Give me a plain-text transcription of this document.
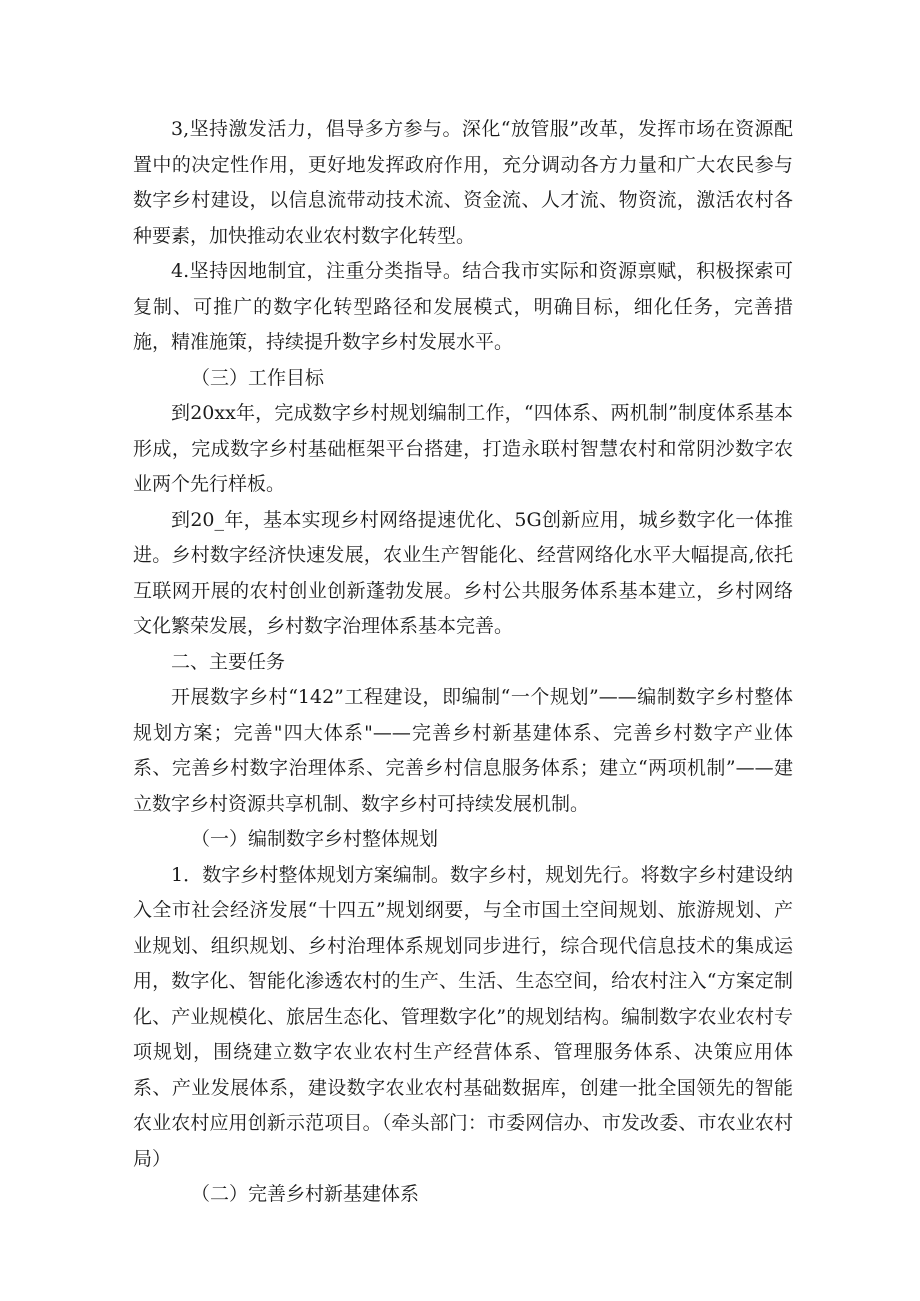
3,坚持激发活力，倡导多方参与。深化“放管服”改革，发挥市场在资源配置中的决定性作用，更好地发挥政府作用，充分调动各方力量和广大农民参与数字乡村建设，以信息流带动技术流、资金流、人才流、物资流，激活农村各种要素，加快推动农业农村数字化转型。

4.坚持因地制宜，注重分类指导。结合我市实际和资源禀赋，积极探索可复制、可推广的数字化转型路径和发展模式，明确目标，细化任务，完善措施，精准施策，持续提升数字乡村发展水平。

（三）工作目标

到20xx年，完成数字乡村规划编制工作，“四体系、两机制”制度体系基本形成，完成数字乡村基础框架平台搭建，打造永联村智慧农村和常阴沙数字农业两个先行样板。

到20_年，基本实现乡村网络提速优化、5G创新应用，城乡数字化一体推进。乡村数字经济快速发展，农业生产智能化、经营网络化水平大幅提高,依托互联网开展的农村创业创新蓬勃发展。乡村公共服务体系基本建立，乡村网络文化繁荣发展，乡村数字治理体系基本完善。

二、主要任务

开展数字乡村“142”工程建设，即编制“一个规划”——编制数字乡村整体规划方案；完善"四大体系"——完善乡村新基建体系、完善乡村数字产业体系、完善乡村数字治理体系、完善乡村信息服务体系；建立“两项机制”——建立数字乡村资源共享机制、数字乡村可持续发展机制。

（一）编制数字乡村整体规划

1．数字乡村整体规划方案编制。数字乡村，规划先行。将数字乡村建设纳入全市社会经济发展“十四五”规划纲要，与全市国土空间规划、旅游规划、产业规划、组织规划、乡村治理体系规划同步进行，综合现代信息技术的集成运用，数字化、智能化渗透农村的生产、生活、生态空间，给农村注入“方案定制化、产业规模化、旅居生态化、管理数字化”的规划结构。编制数字农业农村专项规划，围绕建立数字农业农村生产经营体系、管理服务体系、决策应用体系、产业发展体系，建设数字农业农村基础数据库，创建一批全国领先的智能农业农村应用创新示范项目。（牵头部门：市委网信办、市发改委、市农业农村局）

（二）完善乡村新基建体系
